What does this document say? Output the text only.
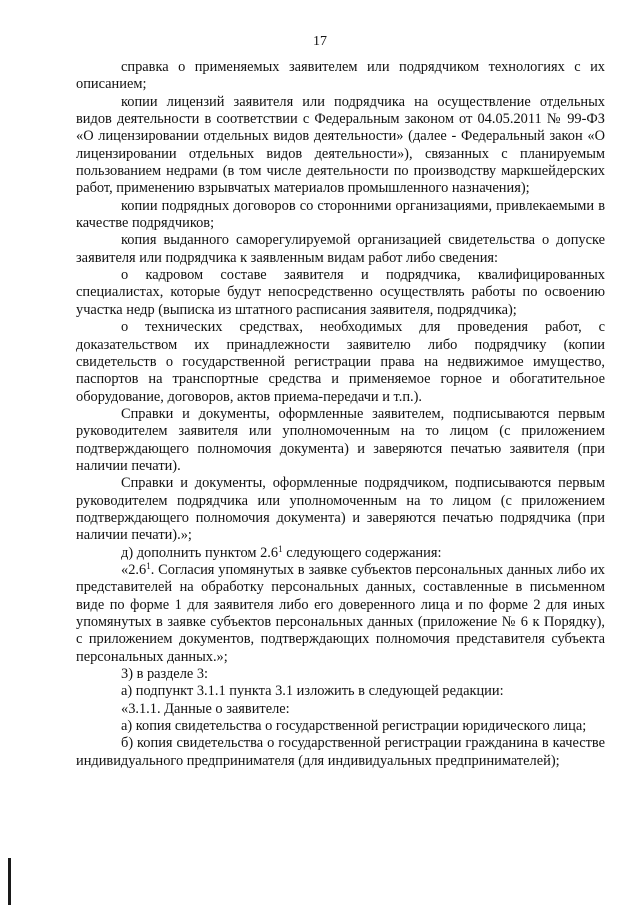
17

справка о применяемых заявителем или подрядчиком технологиях с их описанием;

копии лицензий заявителя или подрядчика на осуществление отдельных видов деятельности в соответствии с Федеральным законом от 04.05.2011 № 99-ФЗ «О лицензировании отдельных видов деятельности» (далее - Федеральный закон «О лицензировании отдельных видов деятельности»), связанных с планируемым пользованием недрами (в том числе деятельности по производству маркшейдерских работ, применению взрывчатых материалов промышленного назначения);

копии подрядных договоров со сторонними организациями, привлекаемыми в качестве подрядчиков;

копия выданного саморегулируемой организацией свидетельства о допуске заявителя или подрядчика к заявленным видам работ либо сведения:

о кадровом составе заявителя и подрядчика, квалифицированных специалистах, которые будут непосредственно осуществлять работы по освоению участка недр (выписка из штатного расписания заявителя, подрядчика);

о технических средствах, необходимых для проведения работ, с доказательством их принадлежности заявителю либо подрядчику (копии свидетельств о государственной регистрации права на недвижимое имущество, паспортов на транспортные средства и применяемое горное и обогатительное оборудование, договоров, актов приема-передачи и т.п.).

Справки и документы, оформленные заявителем, подписываются первым руководителем заявителя или уполномоченным на то лицом (с приложением подтверждающего полномочия документа) и заверяются печатью заявителя (при наличии печати).

Справки и документы, оформленные подрядчиком, подписываются первым руководителем подрядчика или уполномоченным на то лицом (с приложением подтверждающего полномочия документа) и заверяются печатью подрядчика (при наличии печати).»;

д) дополнить пунктом $2.6^1$ следующего содержания:

«$2.6^1$. Согласия упомянутых в заявке субъектов персональных данных либо их представителей на обработку персональных данных, составленные в письменном виде по форме 1 для заявителя либо его доверенного лица и по форме 2 для иных упомянутых в заявке субъектов персональных данных (приложение № 6 к Порядку), с приложением документов, подтверждающих полномочия представителя субъекта персональных данных.»;

3) в разделе 3:

а) подпункт 3.1.1 пункта 3.1 изложить в следующей редакции:

«3.1.1. Данные о заявителе:

а) копия свидетельства о государственной регистрации юридического лица;

б) копия свидетельства о государственной регистрации гражданина в качестве индивидуального предпринимателя (для индивидуальных предпринимателей);
